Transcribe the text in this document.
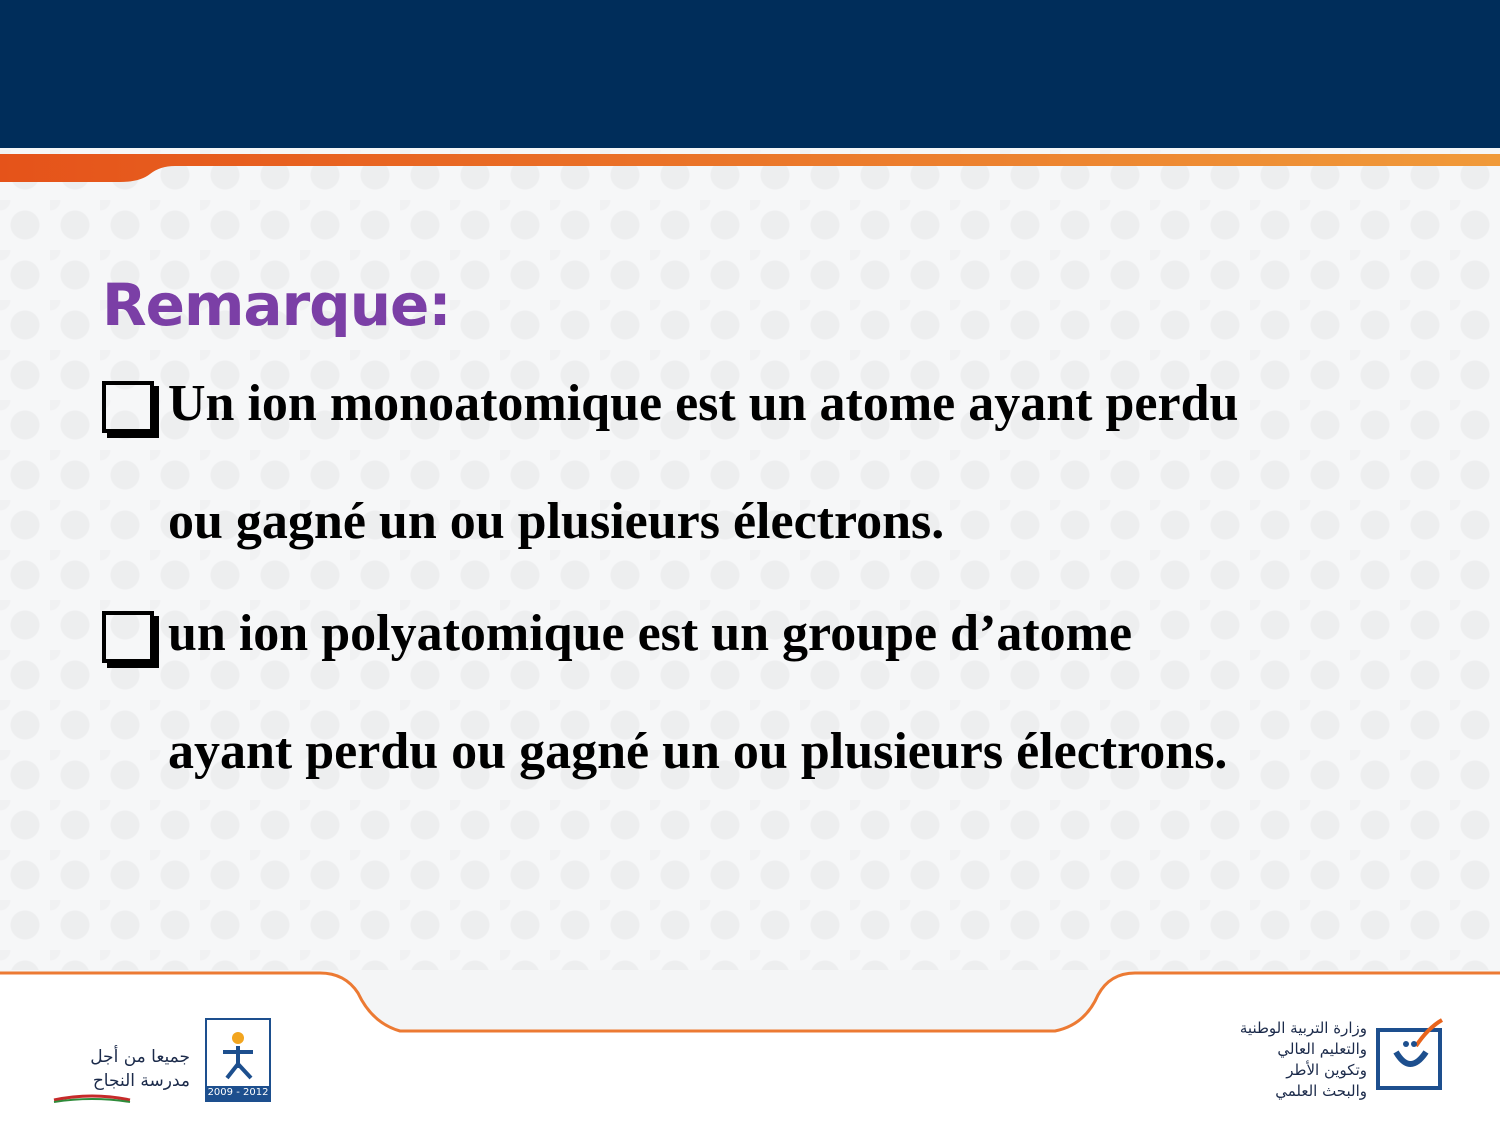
Remarque:
Un ion monoatomique est un atome ayant perdu
ou gagné un ou plusieurs électrons.
un ion polyatomique est un groupe d’atome
ayant perdu ou gagné un ou plusieurs électrons.
جميعا من أجل
مدرسة النجاح
2009 - 2012
وزارة التربية الوطنية
والتعليم العالي
وتكوين الأطر
والبحث العلمي
